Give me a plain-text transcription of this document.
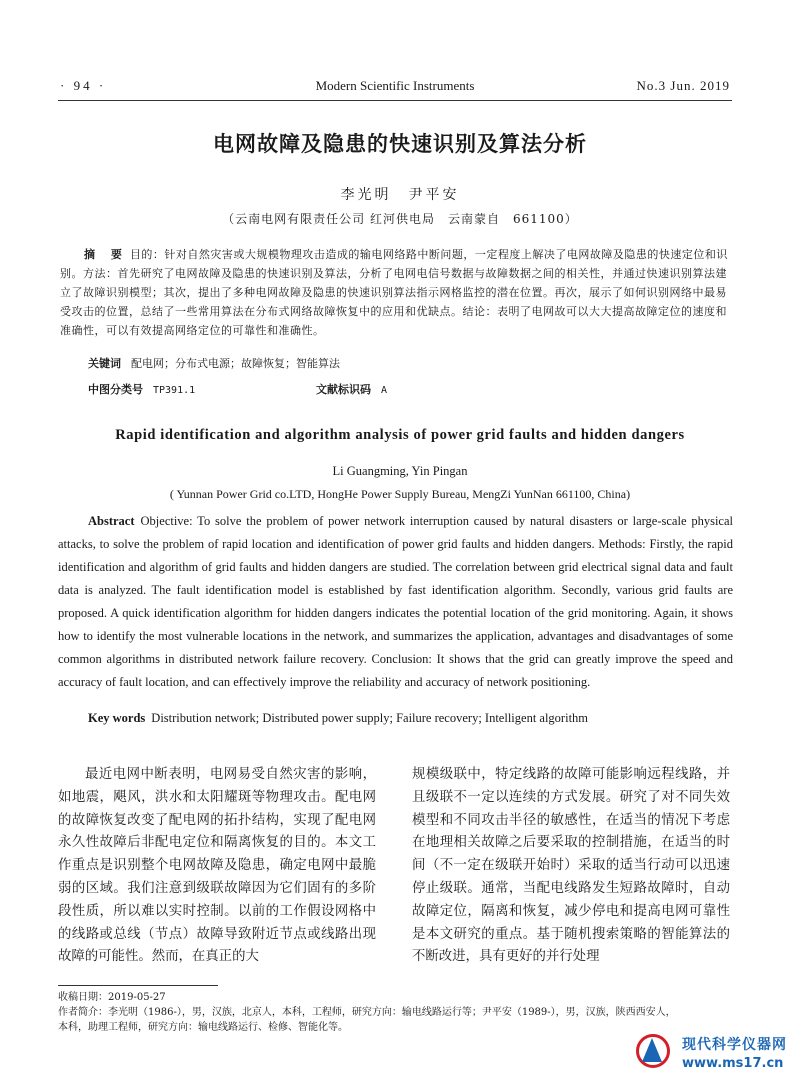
· 94 ·	Modern Scientific Instruments	No.3 Jun. 2019
电网故障及隐患的快速识别及算法分析
李光明　尹平安
（云南电网有限责任公司 红河供电局　云南蒙自　661100）
摘 要 目的：针对自然灾害或大规模物理攻击造成的输电网络路中断问题，一定程度上解决了电网故障及隐患的快速定位和识别。方法：首先研究了电网故障及隐患的快速识别及算法，分析了电网电信号数据与故障数据之间的相关性，并通过快速识别算法建立了故障识别模型；其次，提出了多种电网故障及隐患的快速识别算法指示网格监控的潜在位置。再次，展示了如何识别网络中最易受攻击的位置，总结了一些常用算法在分布式网络故障恢复中的应用和优缺点。结论：表明了电网故可以大大提高故障定位的速度和准确性，可以有效提高网络定位的可靠性和准确性。
关键词 配电网；分布式电源；故障恢复；智能算法
中图分类号 TP391.1	文献标识码 A
Rapid identification and algorithm analysis of power grid faults and hidden dangers
Li Guangming, Yin Pingan
( Yunnan Power Grid co.LTD, HongHe Power Supply Bureau, MengZi YunNan 661100, China)
Abstract Objective: To solve the problem of power network interruption caused by natural disasters or large-scale physical attacks, to solve the problem of rapid location and identification of power grid faults and hidden dangers. Methods: Firstly, the rapid identification and algorithm of grid faults and hidden dangers are studied. The correlation between grid electrical signal data and fault data is analyzed. The fault identification model is established by fast identification algorithm. Secondly, various grid faults are proposed. A quick identification algorithm for hidden dangers indicates the potential location of the grid monitoring. Again, it shows how to identify the most vulnerable locations in the network, and summarizes the application, advantages and disadvantages of some common algorithms in distributed network failure recovery. Conclusion: It shows that the grid can greatly improve the speed and accuracy of fault location, and can effectively improve the reliability and accuracy of network positioning.
Key words Distribution network; Distributed power supply; Failure recovery; Intelligent algorithm
最近电网中断表明，电网易受自然灾害的影响，如地震，飓风，洪水和太阳耀斑等物理攻击。配电网的故障恢复改变了配电网的拓扑结构，实现了配电网永久性故障后非配电定位和隔离恢复的目的。本文工作重点是识别整个电网故障及隐患，确定电网中最脆弱的区域。我们注意到级联故障因为它们固有的多阶段性质，所以难以实时控制。以前的工作假设网格中的线路或总线（节点）故障导致附近节点或线路出现故障的可能性。然而，在真正的大
规模级联中，特定线路的故障可能影响远程线路，并且级联不一定以连续的方式发展。研究了对不同失效模型和不同攻击半径的敏感性，在适当的情况下考虑在地理相关故障之后要采取的控制措施，在适当的时间（不一定在级联开始时）采取的适当行动可以迅速停止级联。通常，当配电线路发生短路故障时，自动故障定位，隔离和恢复，减少停电和提高电网可靠性是本文研究的重点。基于随机搜索策略的智能算法的不断改进，具有更好的并行处理
收稿日期：2019-05-27
作者简介：李光明（1986-），男，汉族，北京人，本科，工程师，研究方向：输电线路运行等；尹平安（1989-），男，汉族，陕西西安人，
本科，助理工程师，研究方向：输电线路运行、检修、智能化等。
现代科学仪器网
www.ms17.cn
